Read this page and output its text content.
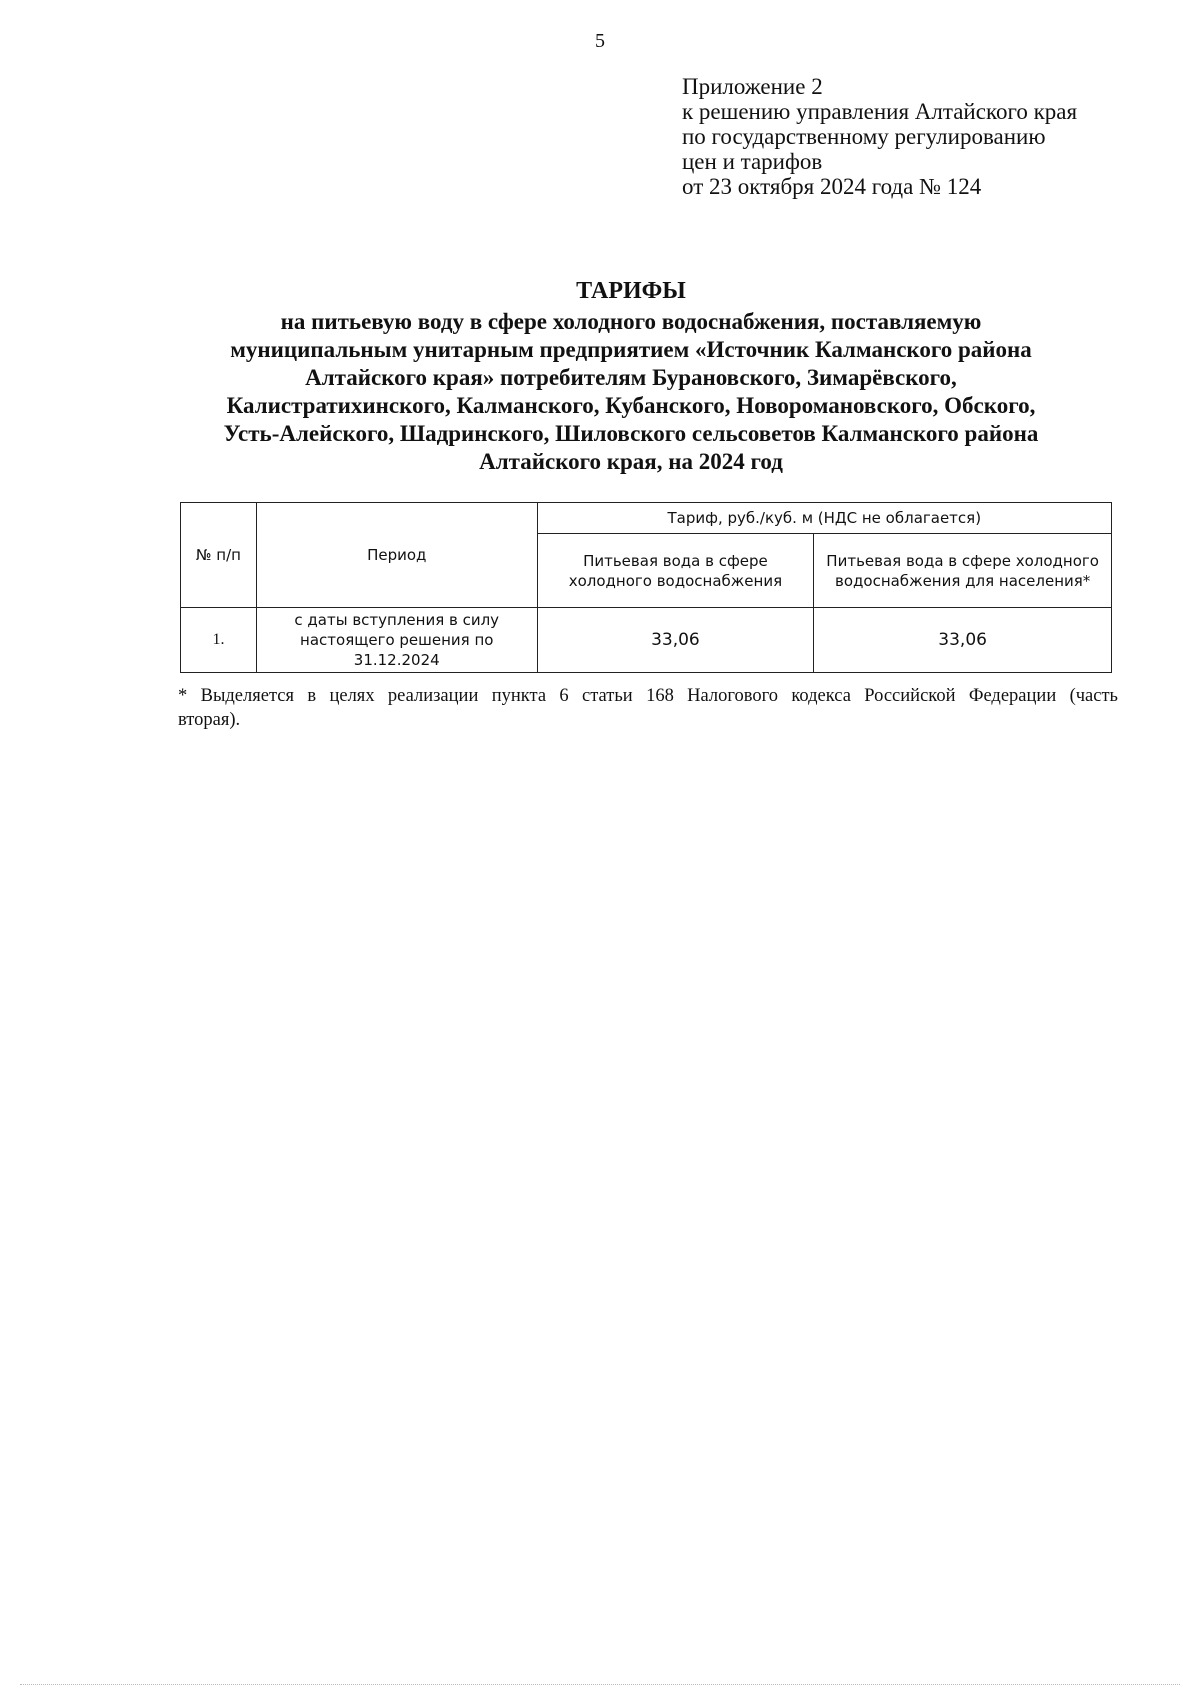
5
Приложение 2
к решению управления Алтайского края
по государственному регулированию
цен и тарифов
от 23 октября 2024 года № 124
ТАРИФЫ
на питьевую воду в сфере холодного водоснабжения, поставляемую
муниципальным унитарным предприятием «Источник Калманского района
Алтайского края» потребителям Бурановского, Зимарёвского,
Калистратихинского, Калманского, Кубанского, Новоромановского, Обского,
Усть-Алейского, Шадринского, Шиловского сельсоветов Калманского района
Алтайского края, на 2024 год
№ п/п	Период	Тариф, руб./куб. м (НДС не облагается)	
		Питьевая вода в сфере холодного водоснабжения	Питьевая вода в сфере холодного водоснабжения для населения*
1.	с даты вступления в силу настоящего решения по 31.12.2024	33,06	33,06
* Выделяется в целях реализации пункта 6 статьи 168 Налогового кодекса Российской Федерации (часть
вторая).
